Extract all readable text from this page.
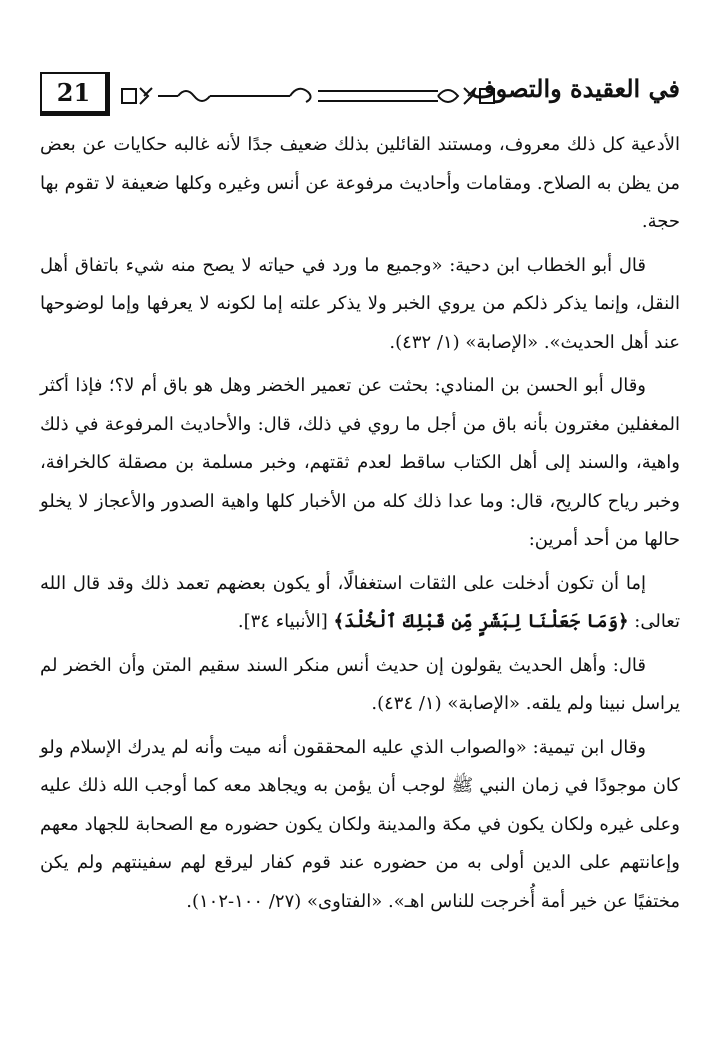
21	في العقيدة والتصوف

الأدعية كل ذلك معروف، ومستند القائلين بذلك ضعيف جدًا لأنه غالبه حكايات عن بعض من يظن به الصلاح. ومقامات وأحاديث مرفوعة عن أنس وغيره وكلها ضعيفة لا تقوم بها حجة.

قال أبو الخطاب ابن دحية: «وجميع ما ورد في حياته لا يصح منه شيء باتفاق أهل النقل، وإنما يذكر ذلكم من يروي الخبر ولا يذكر علته إما لكونه لا يعرفها وإما لوضوحها عند أهل الحديث». «الإصابة» (١/ ٤٣٢).

وقال أبو الحسن بن المنادي: بحثت عن تعمير الخضر وهل هو باق أم لا؟؛ فإذا أكثر المغفلين مغترون بأنه باق من أجل ما روي في ذلك، قال: والأحاديث المرفوعة في ذلك واهية، والسند إلى أهل الكتاب ساقط لعدم ثقتهم، وخبر مسلمة بن مصقلة كالخرافة، وخبر رياح كالريح، قال: وما عدا ذلك كله من الأخبار كلها واهية الصدور والأعجاز لا يخلو حالها من أحد أمرين:

إما أن تكون أدخلت على الثقات استغفالًا، أو يكون بعضهم تعمد ذلك وقد قال الله تعالى: ﴿وَمَا جَعَلْنَا لِبَشَرٍ مِّن قَبْلِكَ ٱلْخُلْدَ﴾ [الأنبياء ٣٤].

قال: وأهل الحديث يقولون إن حديث أنس منكر السند سقيم المتن وأن الخضر لم يراسل نبينا ولم يلقه. «الإصابة» (١/ ٤٣٤).

وقال ابن تيمية: «والصواب الذي عليه المحققون أنه ميت وأنه لم يدرك الإسلام ولو كان موجودًا في زمان النبي ﷺ لوجب أن يؤمن به ويجاهد معه كما أوجب الله ذلك عليه وعلى غيره ولكان يكون في مكة والمدينة ولكان يكون حضوره مع الصحابة للجهاد معهم وإعانتهم على الدين أولى به من حضوره عند قوم كفار ليرقع لهم سفينتهم ولم يكن مختفيًا عن خير أمة أُخرجت للناس اهـ». «الفتاوى» (٢٧/ ١٠٠-١٠٢).
